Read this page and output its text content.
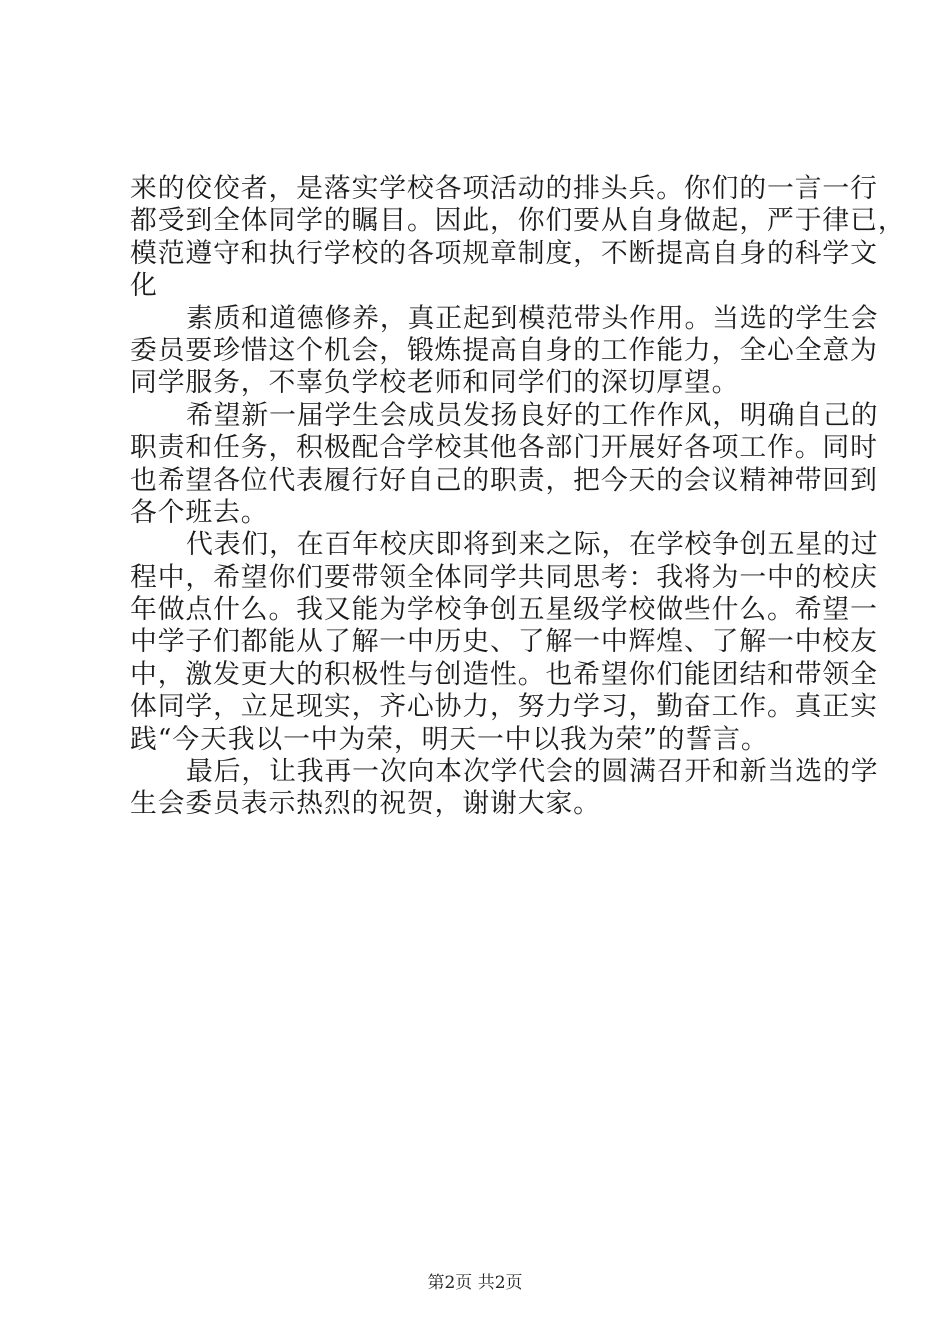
来的佼佼者，是落实学校各项活动的排头兵。你们的一言一行
都受到全体同学的瞩目。因此，你们要从自身做起，严于律已，
模范遵守和执行学校的各项规章制度，不断提高自身的科学文
化
素质和道德修养，真正起到模范带头作用。当选的学生会
委员要珍惜这个机会，锻炼提高自身的工作能力，全心全意为
同学服务，不辜负学校老师和同学们的深切厚望。
希望新一届学生会成员发扬良好的工作作风，明确自己的
职责和任务，积极配合学校其他各部门开展好各项工作。同时
也希望各位代表履行好自己的职责，把今天的会议精神带回到
各个班去。
代表们，在百年校庆即将到来之际，在学校争创五星的过
程中，希望你们要带领全体同学共同思考：我将为一中的校庆
年做点什么。我又能为学校争创五星级学校做些什么。希望一
中学子们都能从了解一中历史、了解一中辉煌、了解一中校友
中，激发更大的积极性与创造性。也希望你们能团结和带领全
体同学，立足现实，齐心协力，努力学习，勤奋工作。真正实
践“今天我以一中为荣，明天一中以我为荣”的誓言。
最后，让我再一次向本次学代会的圆满召开和新当选的学
生会委员表示热烈的祝贺，谢谢大家。
第2页 共2页
